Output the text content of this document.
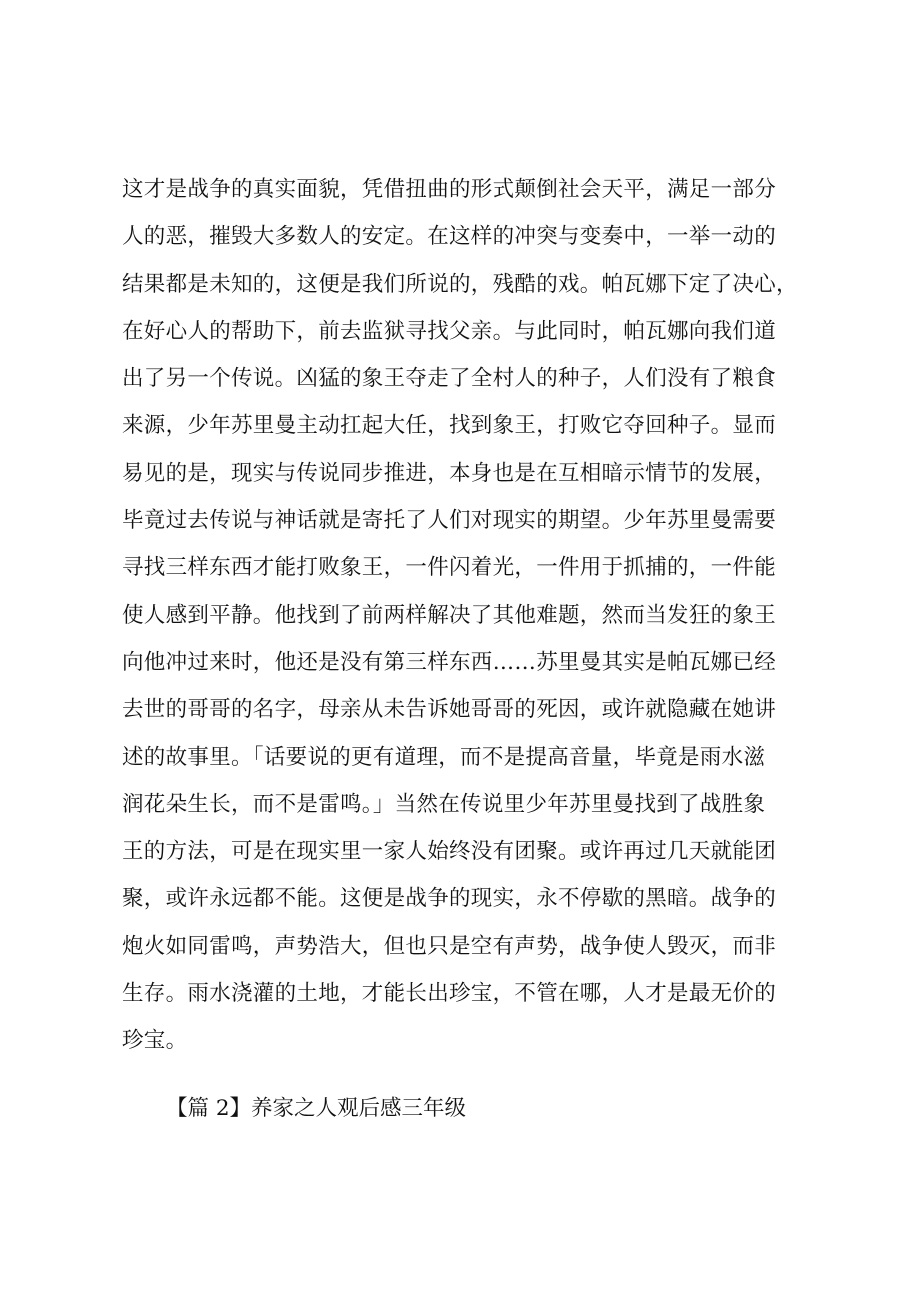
这才是战争的真实面貌，凭借扭曲的形式颠倒社会天平，满足一部分
人的恶，摧毁大多数人的安定。在这样的冲突与变奏中，一举一动的
结果都是未知的，这便是我们所说的，残酷的戏。帕瓦娜下定了决心，
在好心人的帮助下，前去监狱寻找父亲。与此同时，帕瓦娜向我们道
出了另一个传说。凶猛的象王夺走了全村人的种子，人们没有了粮食
来源，少年苏里曼主动扛起大任，找到象王，打败它夺回种子。显而
易见的是，现实与传说同步推进，本身也是在互相暗示情节的发展，
毕竟过去传说与神话就是寄托了人们对现实的期望。少年苏里曼需要
寻找三样东西才能打败象王，一件闪着光，一件用于抓捕的，一件能
使人感到平静。他找到了前两样解决了其他难题，然而当发狂的象王
向他冲过来时，他还是没有第三样东西……苏里曼其实是帕瓦娜已经
去世的哥哥的名字，母亲从未告诉她哥哥的死因，或许就隐藏在她讲
述的故事里。「话要说的更有道理，而不是提高音量，毕竟是雨水滋
润花朵生长，而不是雷鸣。」当然在传说里少年苏里曼找到了战胜象
王的方法，可是在现实里一家人始终没有团聚。或许再过几天就能团
聚，或许永远都不能。这便是战争的现实，永不停歇的黑暗。战争的
炮火如同雷鸣，声势浩大，但也只是空有声势，战争使人毁灭，而非
生存。雨水浇灌的土地，才能长出珍宝，不管在哪，人才是最无价的
珍宝。
【篇 2】养家之人观后感三年级
